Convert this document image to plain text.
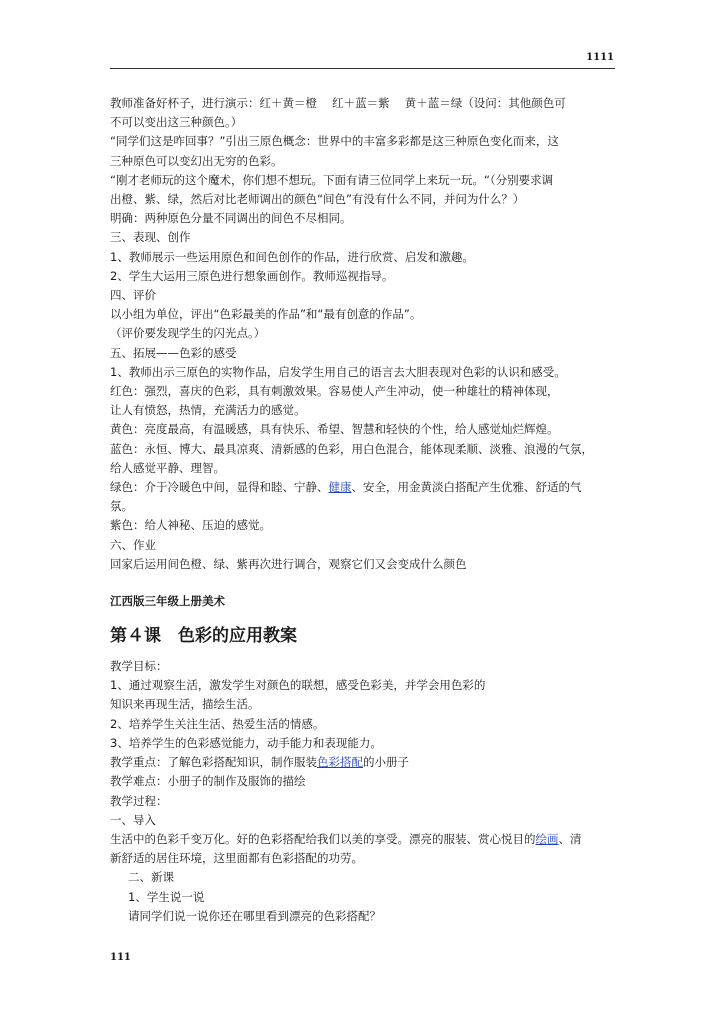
1111

教师准备好杯子，进行演示：红＋黄＝橙　 红＋蓝＝紫　 黄＋蓝＝绿（设问：其他颜色可

不可以变出这三种颜色。）

“同学们这是咋回事？”引出三原色概念：世界中的丰富多彩都是这三种原色变化而来，这

三种原色可以变幻出无穷的色彩。

“刚才老师玩的这个魔术，你们想不想玩。下面有请三位同学上来玩一玩。“（分别要求调

出橙、紫、绿，然后对比老师调出的颜色“间色”有没有什么不同，并问为什么？）

明确：两种原色分量不同调出的间色不尽相同。

三、表现、创作

1、教师展示一些运用原色和间色创作的作品，进行欣赏、启发和激趣。

2、学生大运用三原色进行想象画创作。教师巡视指导。

四、评价

以小组为单位，评出“色彩最美的作品”和“最有创意的作品”。

（评价要发现学生的闪光点。）

五、拓展——色彩的感受

1、教师出示三原色的实物作品，启发学生用自己的语言去大胆表现对色彩的认识和感受。

红色：强烈，喜庆的色彩，具有刺激效果。容易使人产生冲动，使一种雄壮的精神体现，

让人有愤怒，热情，充满活力的感觉。

黄色：亮度最高，有温暖感，具有快乐、希望、智慧和轻快的个性，给人感觉灿烂辉煌。

蓝色：永恒、博大、最具凉爽、清新感的色彩，用白色混合，能体现柔顺、淡雅、浪漫的气氛，

给人感觉平静、理智。

绿色：介于冷暖色中间，显得和睦、宁静、健康、安全，用金黄淡白搭配产生优雅、舒适的气

氛。

紫色：给人神秘、压迫的感觉。

六、作业

回家后运用间色橙、绿、紫再次进行调合，观察它们又会变成什么颜色

江西版三年级上册美术

第４课　色彩的应用教案

教学目标：

1、通过观察生活，激发学生对颜色的联想，感受色彩美，并学会用色彩的

知识来再现生活，描绘生活。

2、培养学生关注生活、热爱生活的情感。

3、培养学生的色彩感觉能力，动手能力和表现能力。

教学重点：了解色彩搭配知识，制作服装色彩搭配的小册子

教学难点：小册子的制作及服饰的描绘

教学过程：

一、导入

生活中的色彩千变万化。好的色彩搭配给我们以美的享受。漂亮的服装、赏心悦目的绘画、清

新舒适的居住环境，这里面都有色彩搭配的功劳。

二、新课

1、学生说一说

请同学们说一说你还在哪里看到漂亮的色彩搭配？

111
